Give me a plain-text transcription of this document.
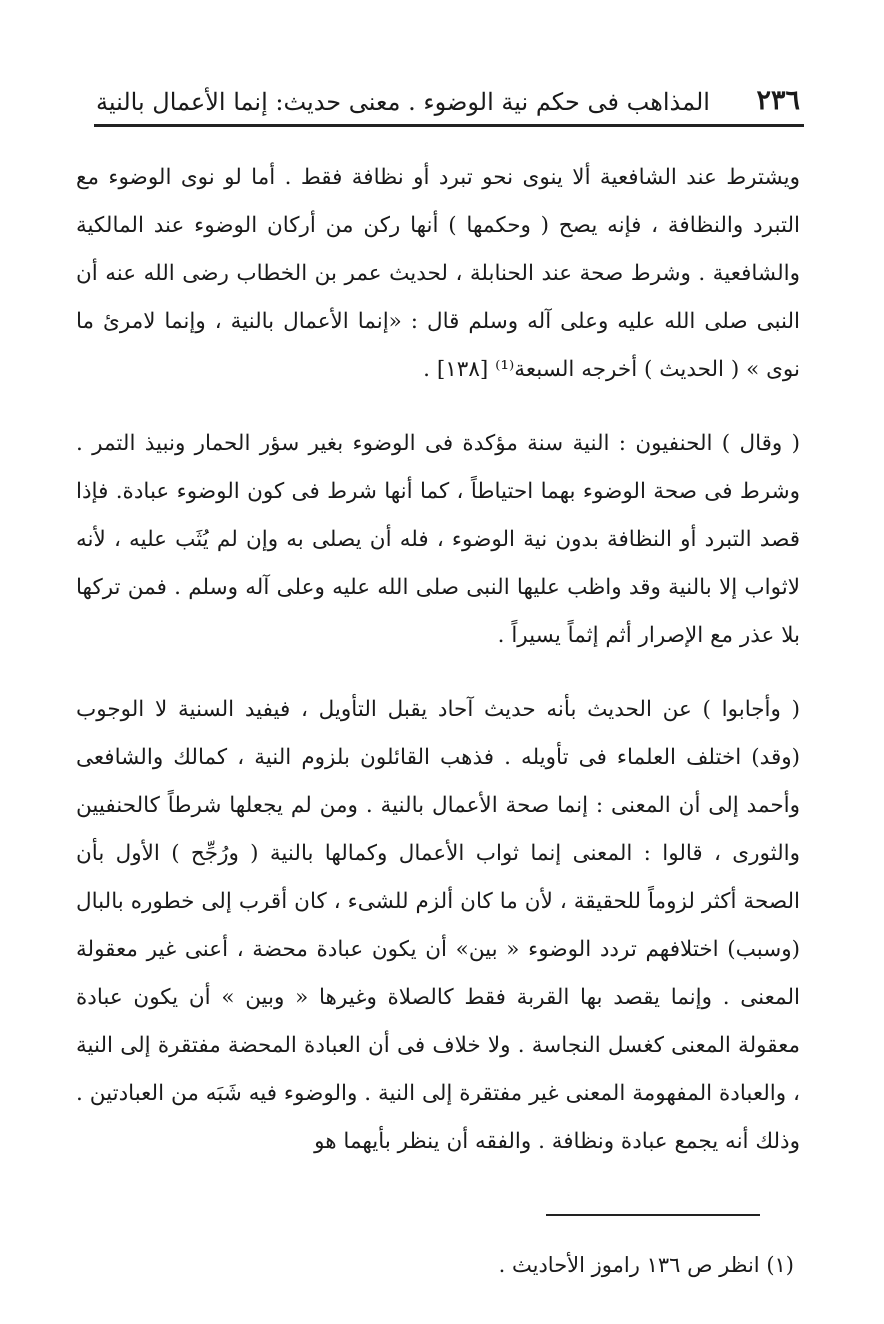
٢٣٦
المذاهب فى حكم نية الوضوء . معنى حديث: إنما الأعمال بالنية

ويشترط عند الشافعية ألا ينوى نحو تبرد أو نظافة فقط . أما لو نوى الوضوء مع التبرد والنظافة ، فإنه يصح ( وحكمها ) أنها ركن من أركان الوضوء عند المالكية والشافعية . وشرط صحة عند الحنابلة ، لحديث عمر بن الخطاب رضى الله عنه أن النبى صلى الله عليه وعلى آله وسلم قال : «إنما الأعمال بالنية ، وإنما لامرئ ما نوى » ( الحديث ) أخرجه السبعة⁽¹⁾ [١٣٨] .

( وقال ) الحنفيون : النية سنة مؤكدة فى الوضوء بغير سؤر الحمار ونبيذ التمر . وشرط فى صحة الوضوء بهما احتياطاً ، كما أنها شرط فى كون الوضوء عبادة. فإذا قصد التبرد أو النظافة بدون نية الوضوء ، فله أن يصلى به وإن لم يُثَب عليه ، لأنه لاثواب إلا بالنية وقد واظب عليها النبى صلى الله عليه وعلى آله وسلم . فمن تركها بلا عذر مع الإصرار أثم إثماً يسيراً .

( وأجابوا ) عن الحديث بأنه حديث آحاد يقبل التأويل ، فيفيد السنية لا الوجوب (وقد) اختلف العلماء فى تأويله . فذهب القائلون بلزوم النية ، كمالك والشافعى وأحمد إلى أن المعنى : إنما صحة الأعمال بالنية . ومن لم يجعلها شرطاً كالحنفيين والثورى ، قالوا : المعنى إنما ثواب الأعمال وكمالها بالنية ( ورُجِّح ) الأول بأن الصحة أكثر لزوماً للحقيقة ، لأن ما كان ألزم للشىء ، كان أقرب إلى خطوره بالبال (وسبب) اختلافهم تردد الوضوء « بين» أن يكون عبادة محضة ، أعنى غير معقولة المعنى . وإنما يقصد بها القربة فقط كالصلاة وغيرها « وبين » أن يكون عبادة معقولة المعنى كغسل النجاسة . ولا خلاف فى أن العبادة المحضة مفتقرة إلى النية ، والعبادة المفهومة المعنى غير مفتقرة إلى النية . والوضوء فيه شَبَه من العبادتين . وذلك أنه يجمع عبادة ونظافة . والفقه أن ينظر بأيهما هو

(١) انظر ص ١٣٦ راموز الأحاديث .
